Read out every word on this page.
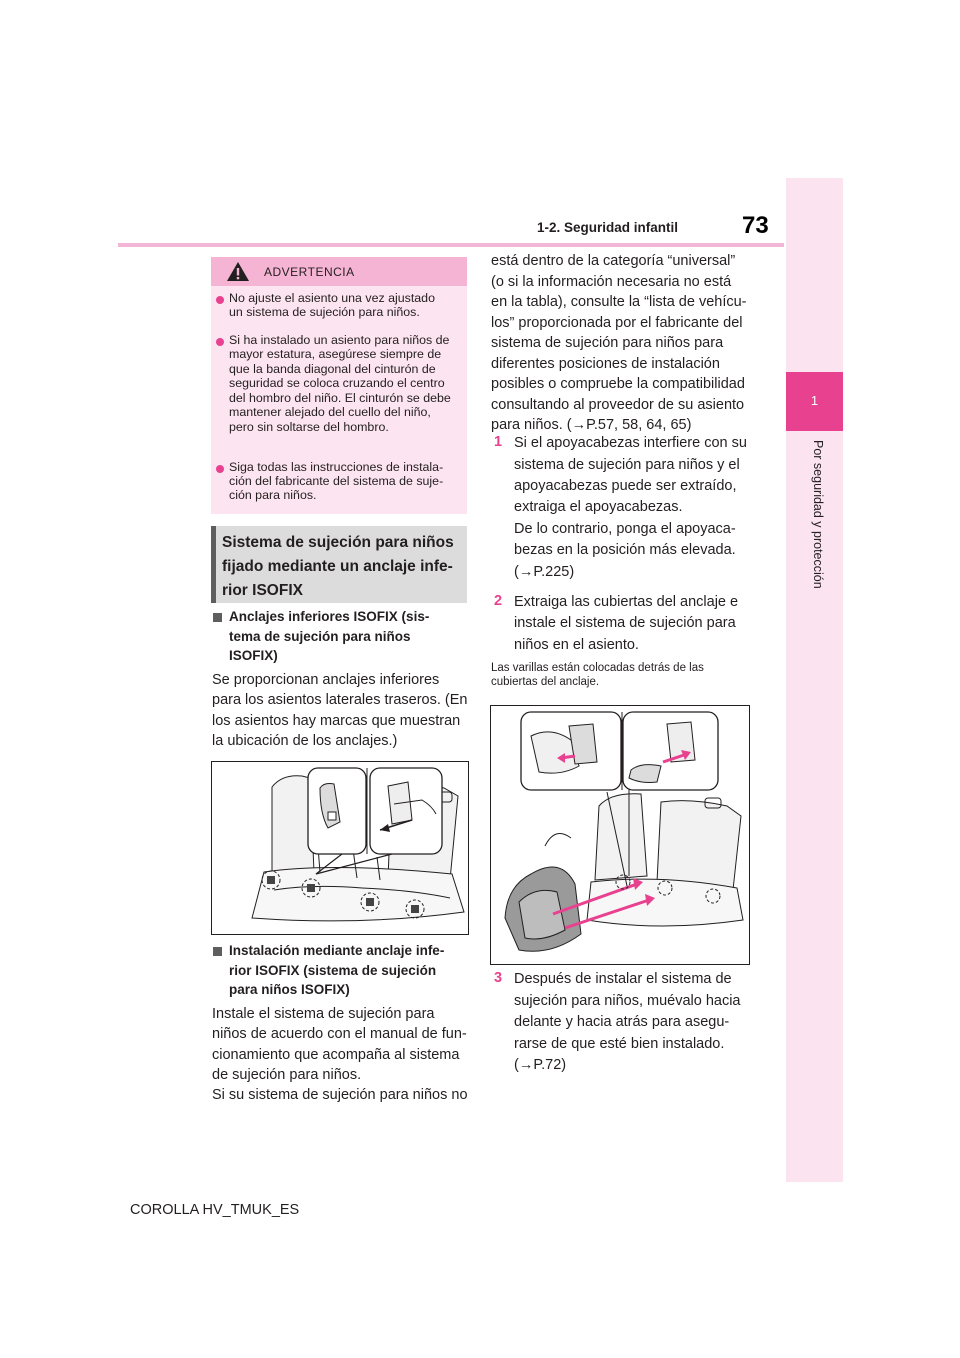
73
1-2. Seguridad infantil
1
Por seguridad y protección
ADVERTENCIA
No ajuste el asiento una vez ajustado
un sistema de sujeción para niños.
Si ha instalado un asiento para niños de
mayor estatura, asegúrese siempre de
que la banda diagonal del cinturón de
seguridad se coloca cruzando el centro
del hombro del niño. El cinturón se debe
mantener alejado del cuello del niño,
pero sin soltarse del hombro.
Siga todas las instrucciones de instala-
ción del fabricante del sistema de suje-
ción para niños.
Sistema de sujeción para niños
fijado mediante un anclaje infe-
rior ISOFIX
Anclajes inferiores ISOFIX (sis-
tema de sujeción para niños
ISOFIX)
Se proporcionan anclajes inferiores
para los asientos laterales traseros. (En
los asientos hay marcas que muestran
la ubicación de los anclajes.)
Instalación mediante anclaje infe-
rior ISOFIX (sistema de sujeción
para niños ISOFIX)
Instale el sistema de sujeción para
niños de acuerdo con el manual de fun-
cionamiento que acompaña al sistema
de sujeción para niños.
Si su sistema de sujeción para niños no
está dentro de la categoría “universal”
(o si la información necesaria no está
en la tabla), consulte la “lista de vehícu-
los” proporcionada por el fabricante del
sistema de sujeción para niños para
diferentes posiciones de instalación
posibles o compruebe la compatibilidad
consultando al proveedor de su asiento
para niños. (→P.57, 58, 64, 65)
1 Si el apoyacabezas interfiere con su
sistema de sujeción para niños y el
apoyacabezas puede ser extraído,
extraiga el apoyacabezas.
De lo contrario, ponga el apoyaca-
bezas en la posición más elevada.
(→P.225)
2 Extraiga las cubiertas del anclaje e
instale el sistema de sujeción para
niños en el asiento.
Las varillas están colocadas detrás de las
cubiertas del anclaje.
3 Después de instalar el sistema de
sujeción para niños, muévalo hacia
delante y hacia atrás para asegu-
rarse de que esté bien instalado.
(→P.72)
COROLLA HV_TMUK_ES
